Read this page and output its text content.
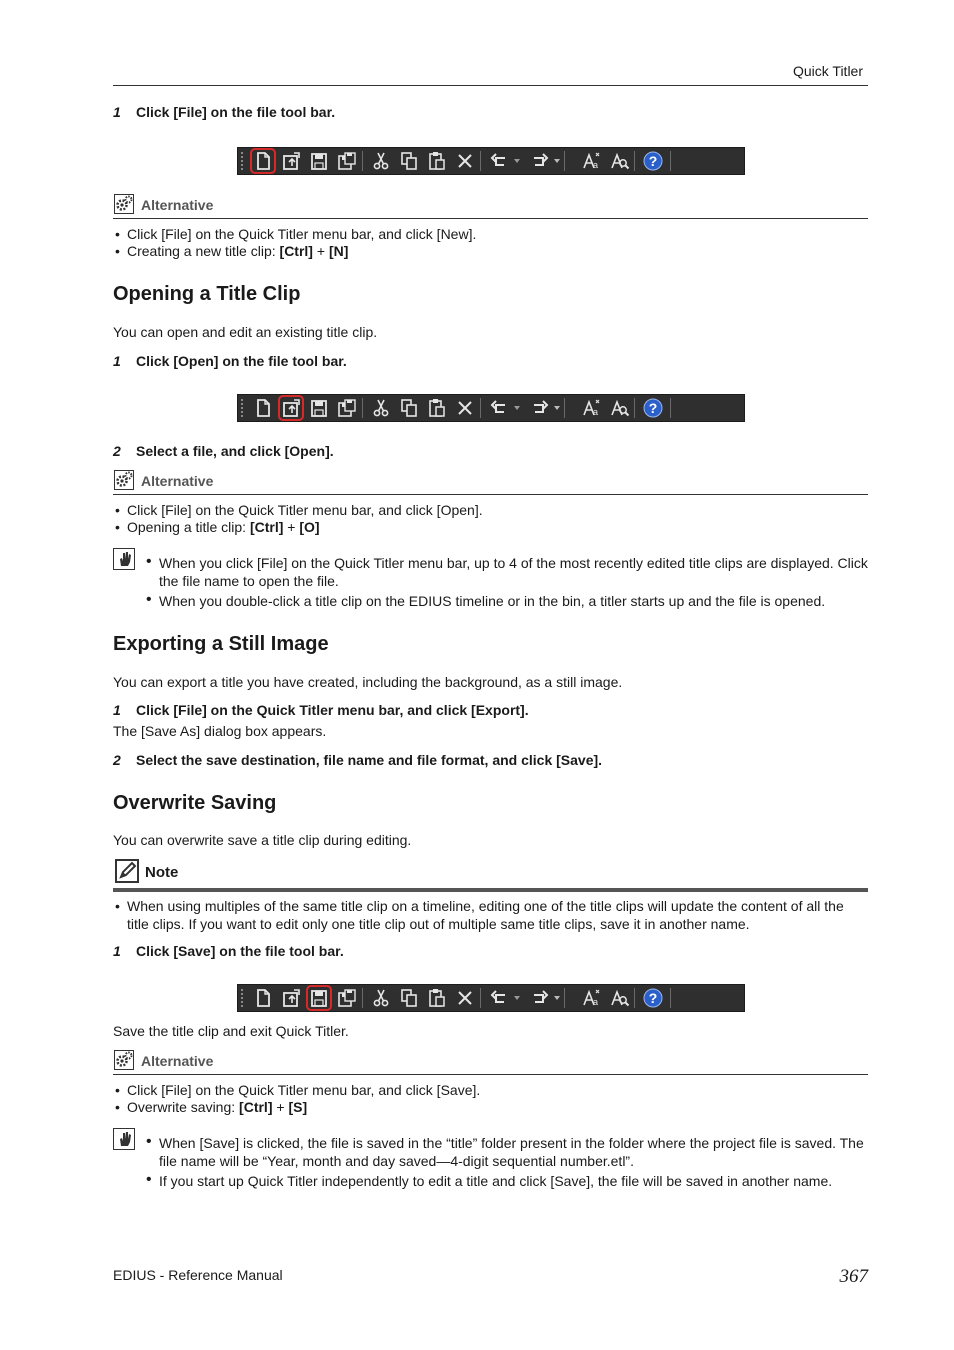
Quick Titler
1 Click [File] on the file tool bar.
a	?
Alternative
• Click [File] on the Quick Titler menu bar, and click [New].
• Creating a new title clip: [Ctrl] + [N]
Opening a Title Clip
You can open and edit an existing title clip.
1 Click [Open] on the file tool bar.
a	?
2 Select a file, and click [Open].
Alternative
• Click [File] on the Quick Titler menu bar, and click [Open].
• Opening a title clip: [Ctrl] + [O]
• When you click [File] on the Quick Titler menu bar, up to 4 of the most recently edited title clips are displayed. Click the file name to open the file.
• When you double-click a title clip on the EDIUS timeline or in the bin, a titler starts up and the file is opened.
Exporting a Still Image
You can export a title you have created, including the background, as a still image.
1 Click [File] on the Quick Titler menu bar, and click [Export].
The [Save As] dialog box appears.
2 Select the save destination, file name and file format, and click [Save].
Overwrite Saving
You can overwrite save a title clip during editing.
Note
• When using multiples of the same title clip on a timeline, editing one of the title clips will update the content of all the title clips. If you want to edit only one title clip out of multiple same title clips, save it in another name.
1 Click [Save] on the file tool bar.
a	?
Save the title clip and exit Quick Titler.
Alternative
• Click [File] on the Quick Titler menu bar, and click [Save].
• Overwrite saving: [Ctrl] + [S]
• When [Save] is clicked, the file is saved in the “title” folder present in the folder where the project file is saved. The file name will be “Year, month and day saved—4-digit sequential number.etl”.
• If you start up Quick Titler independently to edit a title and click [Save], the file will be saved in another name.
EDIUS - Reference Manual	367
